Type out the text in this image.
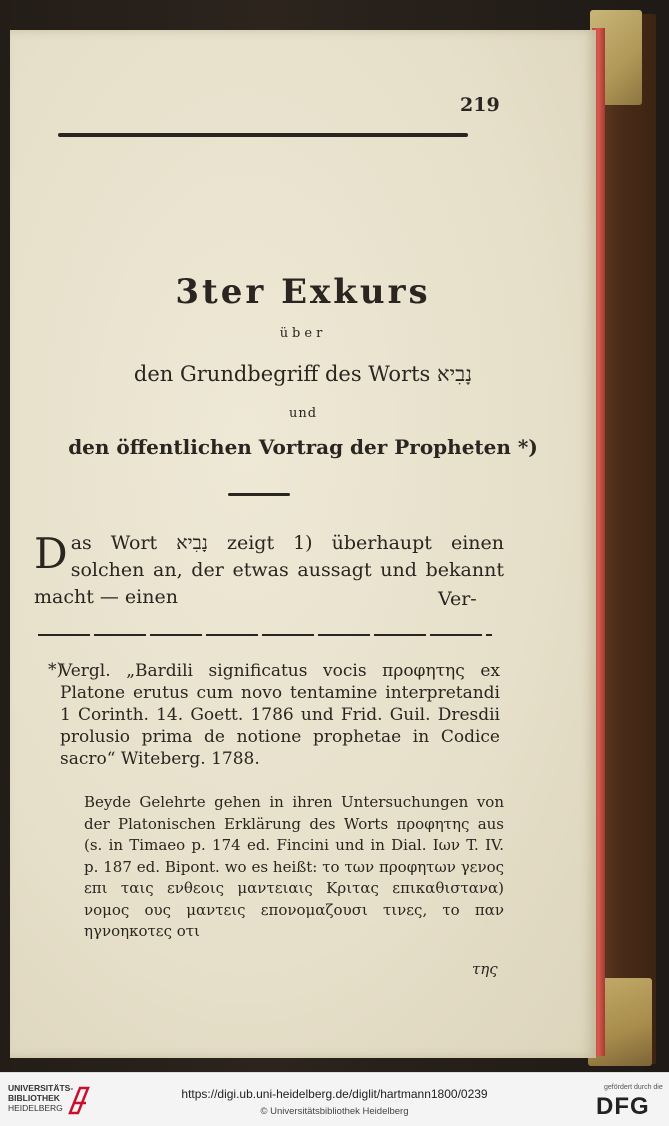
219
3ter Exkurs
über
den Grundbegriff des Worts נָבִיא
und
den öffentlichen Vortrag der Propheten *)
Das Wort נָבִיא zeigt 1) überhaupt einen solchen an, der etwas aussagt und bekannt macht — einen	Ver-
*)
Vergl. „Bardili significatus vocis προφητης ex Platone erutus cum novo tentamine interpretandi 1 Corinth. 14. Goett. 1786 und Frid. Guil. Dresdii prolusio prima de notione prophetae in Codice sacro“ Witeberg. 1788.
Beyde Gelehrte gehen in ihren Untersuchungen von der Platonischen Erklärung des Worts προφητης aus (s. in Timaeo p. 174 ed. Fincini und in Dial. Ιων T. IV. p. 187 ed. Bipont. wo es heißt: το των προφητων γενος επι ταις ενθεοις μαντειαις Κριτας επικαθιστανα) νομος ους μαντεις επονομαζουσι τινες, το παν ηγνοηκοτες οτι
της
UNIVERSITÄTS-
BIBLIOTHEK
HEIDELBERG
https://digi.ub.uni-heidelberg.de/diglit/hartmann1800/0239
© Universitätsbibliothek Heidelberg
gefördert durch die
DFG
